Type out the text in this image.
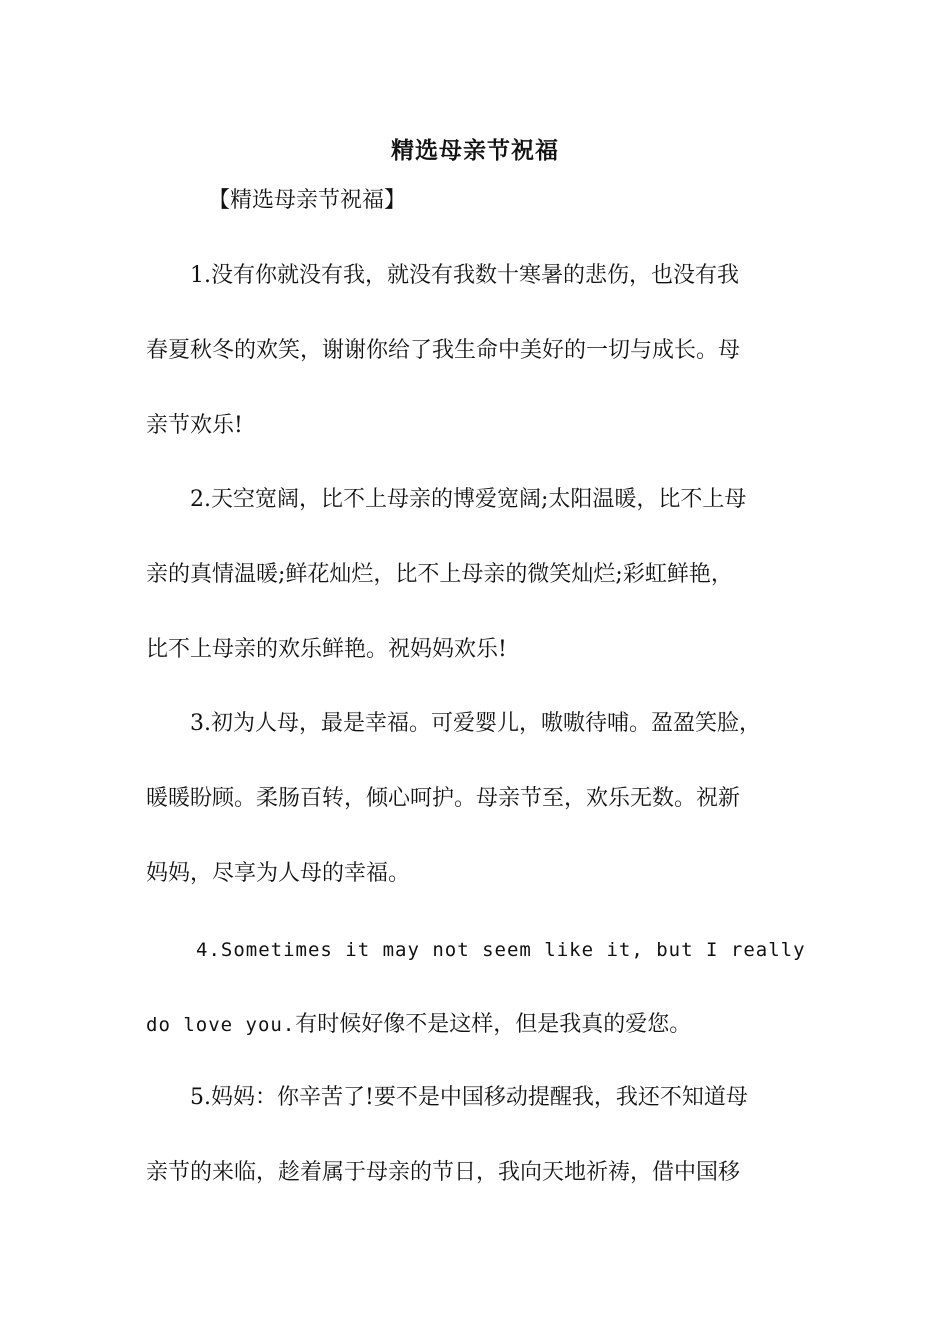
精选母亲节祝福
【精选母亲节祝福】
1.没有你就没有我，就没有我数十寒暑的悲伤，也没有我
春夏秋冬的欢笑，谢谢你给了我生命中美好的一切与成长。母
亲节欢乐!
2.天空宽阔，比不上母亲的博爱宽阔;太阳温暖，比不上母
亲的真情温暖;鲜花灿烂，比不上母亲的微笑灿烂;彩虹鲜艳，
比不上母亲的欢乐鲜艳。祝妈妈欢乐!
3.初为人母，最是幸福。可爱婴儿，嗷嗷待哺。盈盈笑脸，
暖暖盼顾。柔肠百转，倾心呵护。母亲节至，欢乐无数。祝新
妈妈，尽享为人母的幸福。
4.Sometimes it may not seem like it, but I really
do love you.有时候好像不是这样，但是我真的爱您。
5.妈妈：你辛苦了!要不是中国移动提醒我，我还不知道母
亲节的来临，趁着属于母亲的节日，我向天地祈祷，借中国移
